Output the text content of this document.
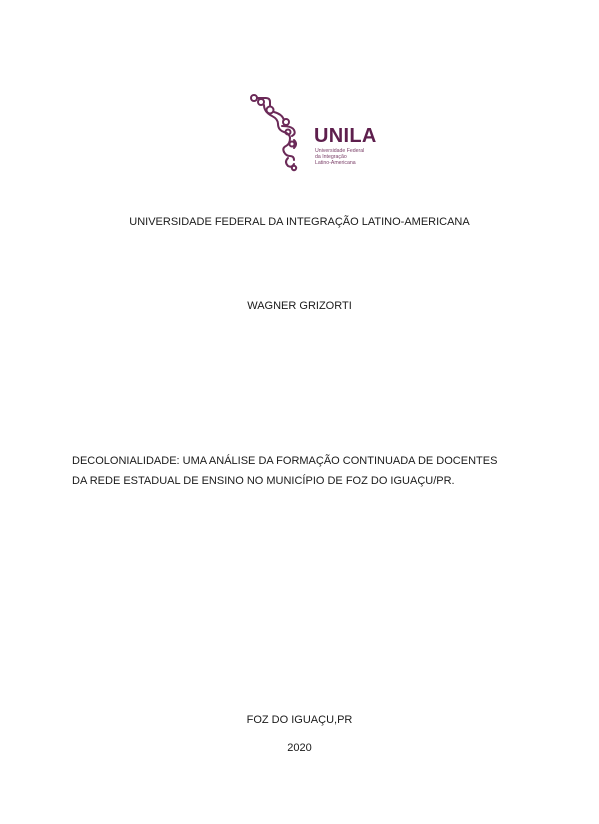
UNILA
Universidade Federal
da Integração
Latino-Americana
UNIVERSIDADE FEDERAL DA INTEGRAÇÃO LATINO-AMERICANA
WAGNER GRIZORTI
DECOLONIALIDADE: UMA ANÁLISE DA FORMAÇÃO CONTINUADA DE DOCENTES
DA REDE ESTADUAL DE ENSINO NO MUNICÍPIO DE FOZ DO IGUAÇU/PR.
FOZ DO IGUAÇU,PR
2020
